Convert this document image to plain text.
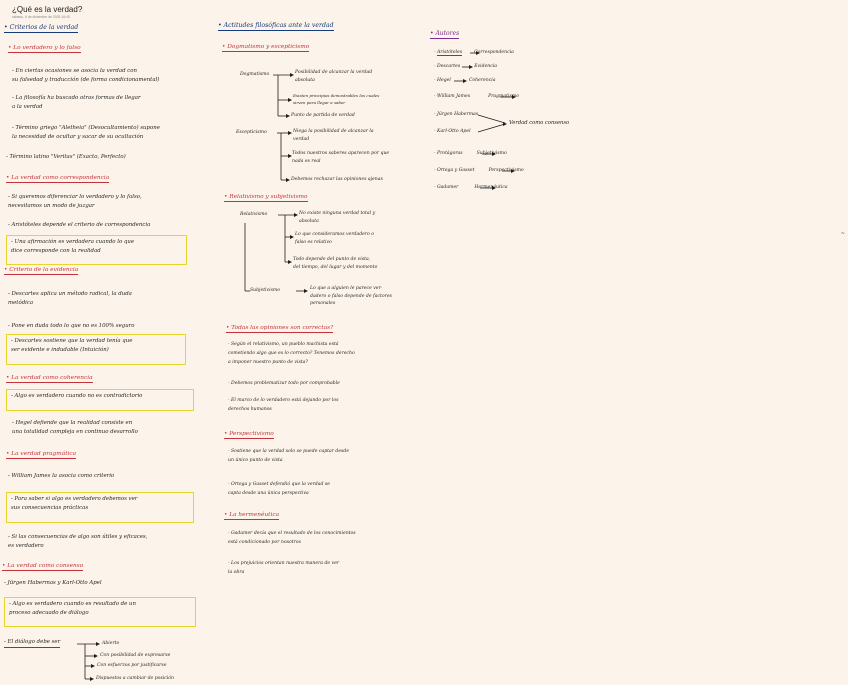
¿Qué es la verdad?
sábado, 6 de diciembre de 2025 16:40
• Criterios de la verdad
• Lo verdadero y lo falso
- En ciertas ocasiones se asocia la verdad con
su falsedad y traducción (de forma condicionamental)
- La filosofía ha buscado otras formas de llegar
a la verdad
- Término griego "Aletheia" (Desocultamiento) supone
la necesidad de ocultar y sacar de su ocultación
- Término latino "Veritas" (Exacto, Perfecto)
• La verdad como correspondencia
- Si queremos diferenciar lo verdadero y lo falso,
necesitamos un modo de juzgar
- Aristóteles depende el criterio de correspondencia
- Una afirmación es verdadera cuando lo que
dice corresponde con la realidad
• Criterio de la evidencia
- Descartes aplica un método radical, la duda
metódica
- Pone en duda todo lo que no es 100% seguro
- Descartes sostiene que la verdad tenía que
ser evidente e indudable (Intuición)
• La verdad como coherencia
- Algo es verdadero cuando no es contradictorio
- Hegel defiende que la realidad consiste en
una totalidad compleja en continuo desarrollo
• La verdad pragmática
- William James la asocia como criterio
- Para saber si algo es verdadero debemos ver
sus consecuencias prácticas
- Si las consecuencias de algo son útiles y eficaces,
es verdadero
• La verdad como consenso
- Jürgen Habermas y Karl-Otto Apel
- Algo es verdadero cuando es resultado de un
proceso adecuado de diálogo
- El diálogo debe ser	Abierto
Con posibilidad de expresarse
Con esfuerzos por justificarse
Dispuestos a cambiar de posición
• Actitudes filosóficas ante la verdad
• Dogmatismo y escepticismo
Dogmatismo	Posibilidad de alcanzar la verdad
absoluta
Existen principios demostrables los cuales
sirven para llegar a saber
Punto de partida de verdad
Escepticismo	Niega la posibilidad de alcanzar la
verdad
Todos nuestros saberes aparecen por que
nada es real
Debemos rechazar las opiniones ajenas
• Relativismo y subjetivismo
Relativismo	No existe ninguna verdad total y
absoluta
Lo que consideramos verdadero o
falso es relativo
Todo depende del punto de vista,
del tiempo, del lugar y del momento
Subjetivismo	Lo que a alguien le parece ver-
dadero o falso depende de factores
personales
• Todas las opiniones son correctas?
- Según el relativismo, un pueblo machista está
cometiendo algo que es lo correcto? Tenemos derecho
a imponer nuestro punto de vista?
- Debemos problematizar todo por comprobable
- El marco de lo verdadero está dejando por los
derechos humanos
• Perspectivismo
- Sostiene que la verdad solo se puede captar desde
un único punto de vista
- Ortega y Gasset defendió que la verdad se
capta desde una única perspectiva
• La hermenéutica
- Gadamer decía que el resultado de los conocimientos
está condicionado por nosotros
- Los prejuicios orientan nuestra manera de ver
la obra
• Autores
- Aristóteles	Correspondencia
- Descartes	Evidencia
- Hegel	Coherencia
- William James	Pragmatismo
- Jürgen Habermas
- Karl-Otto Apel
Verdad como consenso
- Protágoras	Subjetivismo
- Ortega y Gasset	Perspectivismo
- Gadamer	Hermenéutica
~
